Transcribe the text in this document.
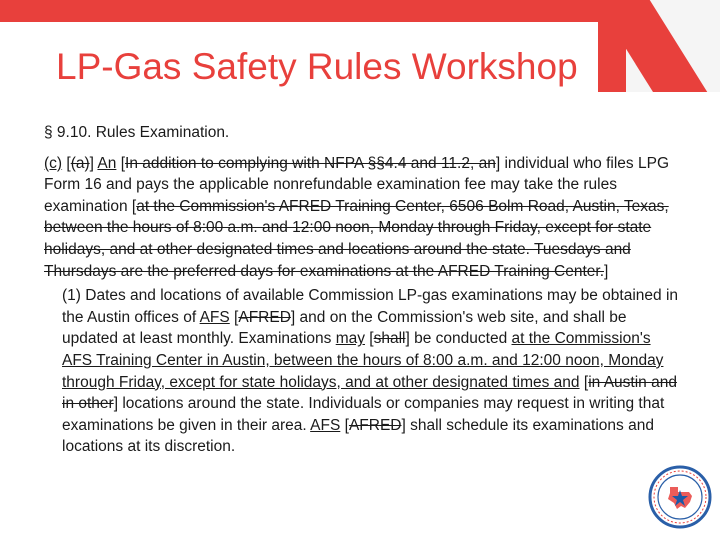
LP-Gas Safety Rules Workshop

§ 9.10. Rules Examination.

(c) [(a)] An [In addition to complying with NFPA §§4.4 and 11.2, an] individual who files LPG Form 16 and pays the applicable nonrefundable examination fee may take the rules examination [at the Commission's AFRED Training Center, 6506 Bolm Road, Austin, Texas, between the hours of 8:00 a.m. and 12:00 noon, Monday through Friday, except for state holidays, and at other designated times and locations around the state. Tuesdays and Thursdays are the preferred days for examinations at the AFRED Training Center.]

(1) Dates and locations of available Commission LP-gas examinations may be obtained in the Austin offices of AFS [AFRED] and on the Commission's web site, and shall be updated at least monthly. Examinations may [shall] be conducted at the Commission's AFS Training Center in Austin, between the hours of 8:00 a.m. and 12:00 noon, Monday through Friday, except for state holidays, and at other designated times and [in Austin and in other] locations around the state. Individuals or companies may request in writing that examinations be given in their area. AFS [AFRED] shall schedule its examinations and locations at its discretion.
